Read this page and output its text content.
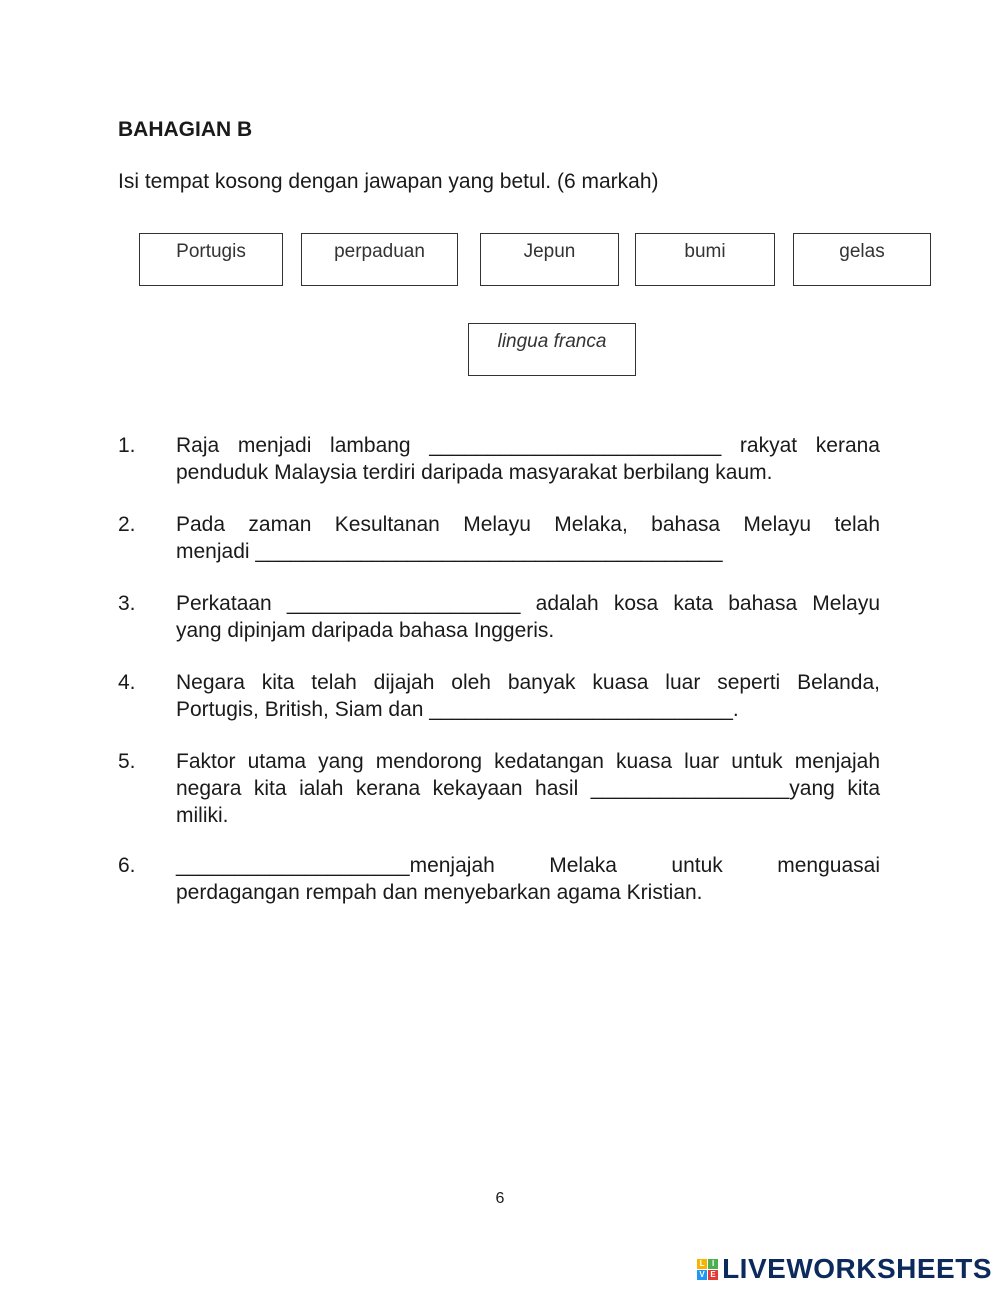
BAHAGIAN B
Isi tempat kosong dengan jawapan yang betul. (6 markah)
Portugis	perpaduan	Jepun	bumi	gelas
lingua franca
1.	Raja menjadi lambang _________________________ rakyat kerana
penduduk Malaysia terdiri daripada masyarakat berbilang kaum.
2.	Pada zaman Kesultanan Melayu Melaka, bahasa Melayu telah
menjadi ________________________________________
3.	Perkataan ____________________ adalah kosa kata bahasa Melayu
yang dipinjam daripada bahasa Inggeris.
4.	Negara kita telah dijajah oleh banyak kuasa luar seperti Belanda,
Portugis, British, Siam dan __________________________.
5.	Faktor utama yang mendorong kedatangan kuasa luar untuk menjajah
negara kita ialah kerana kekayaan hasil _________________yang kita
miliki.
6.	____________________menjajah Melaka untuk menguasai
perdagangan rempah dan menyebarkan agama Kristian.
6
L I
V E LIVEWORKSHEETS
